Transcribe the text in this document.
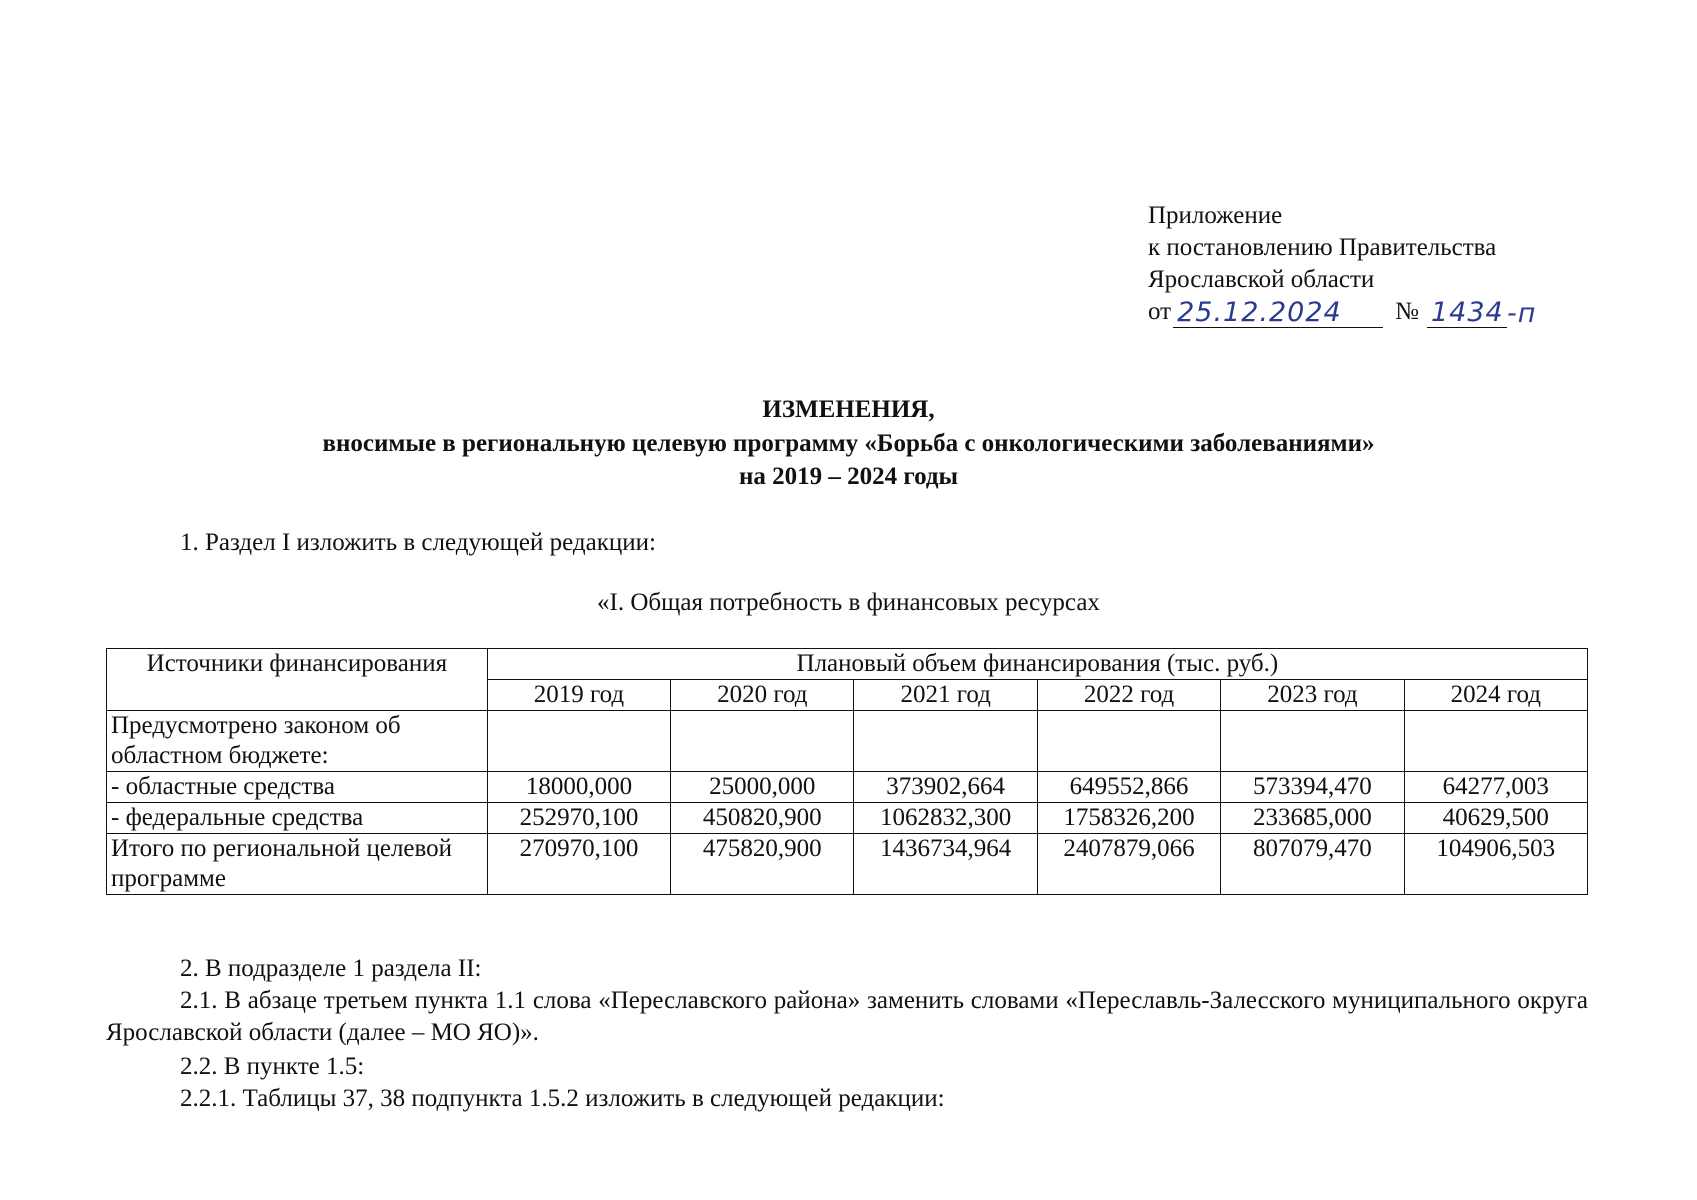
Приложение
к постановлению Правительства
Ярославской области
от 25.12.2024	№ 1434 -п
ИЗМЕНЕНИЯ,
вносимые в региональную целевую программу «Борьба с онкологическими заболеваниями»
на 2019 – 2024 годы
1. Раздел I изложить в следующей редакции:
«I. Общая потребность в финансовых ресурсах
Источники финансирования	Плановый объем финансирования (тыс. руб.)					
	2019 год	2020 год	2021 год	2022 год	2023 год	2024 год
Предусмотрено законом об областном бюджете:						
- областные средства	18000,000	25000,000	373902,664	649552,866	573394,470	64277,003
- федеральные средства	252970,100	450820,900	1062832,300	1758326,200	233685,000	40629,500
Итого по региональной целевой программе	270970,100	475820,900	1436734,964	2407879,066	807079,470	104906,503
2. В подразделе 1 раздела II:
2.1. В абзаце третьем пункта 1.1 слова «Переславского района» заменить словами «Переславль-Залесского муниципального округа Ярославской области (далее – МО ЯО)».
2.2. В пункте 1.5:
2.2.1. Таблицы 37, 38 подпункта 1.5.2 изложить в следующей редакции:
